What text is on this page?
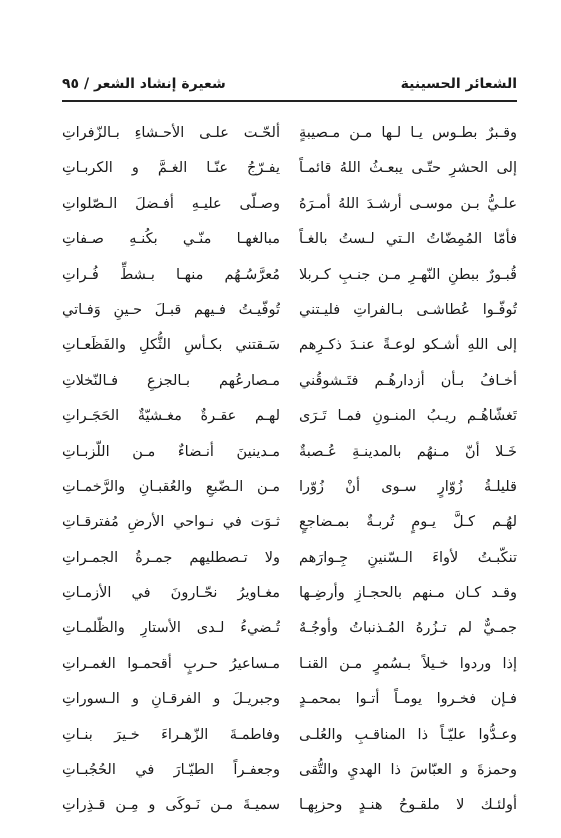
الشعائر الحسينية
شعيرة إنشاد الشعر / ٩٥
وقـبرٌ بطـوس يـا لـها مـن مـصيبةٍ
ألحّـت علـى الأحـشاءِ بـالزّفراتِ
إلى الحشرِ حتّـى يبعـثُ اللهُ قائمـاً
يفـرّجُ عنّـا الغـمَّ و الكربـاتِ
علـيُّ بـن موسـى أرشـدَ اللهُ أمـرَهُ
وصـلّى عليـهِ أفـضلَ الـصّلواتِ
فأمّا المُمِضّاتُ الـتي لـستُ بالغـاً
مبالغهـا منّـي بكُنـهِ صـفاتِ
قُبـورٌ ببطنِ النّهـرِ مـن جنـبِ كـربلا
مُعرَّسُـهُم منهـا بـشطِّ فُـراتِ
تُوفّـوا عُطاشـى بـالفراتِ فليـتني
تُوفّيـتُ فـيهم قبـلَ حـينِ وَفـاتي
إلى اللهِ أشـكو لوعـةً عنـدَ ذكـرِهم
سَـقتني بكـأسِ الثُّكلِ والفَظَعـاتِ
أخـافُ بـأن أزدارهُـم فتَـشوقُني
مـصارعُهم بـالجزعِ فـالنّخلاتِ
تَغشّاهُـم ريـبُ المنـونِ فمـا تَـرَى
لهـم عقـرةٌ مغـشيّةٌ الحَجَـراتِ
خَـلا أنّ مـنهُم بالمدينـةِ عُـصبةٌ
مـدينينَ أنـضاءٌ مـن اللّزبـاتِ
قليلـةُ زُوّارٍ سـوى أنْ زُوّرا
مـن الـضّبعِ والعُقبـانِ والرَّخمـاتِ
لهُـم كـلَّ يـومٍ تُربـةٌ بمـضاجعٍ
ثـوَت في نـواحي الأرضِ مُفترقـاتِ
تنكّبـتُ لأواءَ الـسّنينِ جِـوارَهم
ولا تـصطليهم جمـرةُ الجمـراتِ
وقـد كـان مـنهم بالحجـازِ وأرضِـها
مغـاويرُ نحّـارونَ في الأزمـاتِ
جمـيٌّ لم تـزُرهُ المُـذنباتُ وأوجُـهٌ
تُـضيءُ لـدى الأستارِ والظّلمـاتِ
إذا وردوا خـيلاً بـسُمرٍ مـن القنـا
مـساعيرُ حـربٍ أقحمـوا الغمـراتِ
فـإن فخـروا يومـاً أتـوا بمحمـدٍ
وجبريـلَ و الفرقـانِ و الـسوراتِ
وعـدُّوا عليّـاً ذا المناقـبِ والعُلـى
وفاطمـةَ الزّهـراءَ خـيرَ بنـاتِ
وحمزةَ و العبّاسَ ذا الهديِ والتُّقى
وجعفـراً الطيّـارَ في الحُجُبـاتِ
أولئـك لا ملقـوحُ هنـدٍ وحزبِهـا
سميـةَ مـن نَـوكَى و مِـن قـذِراتِ
